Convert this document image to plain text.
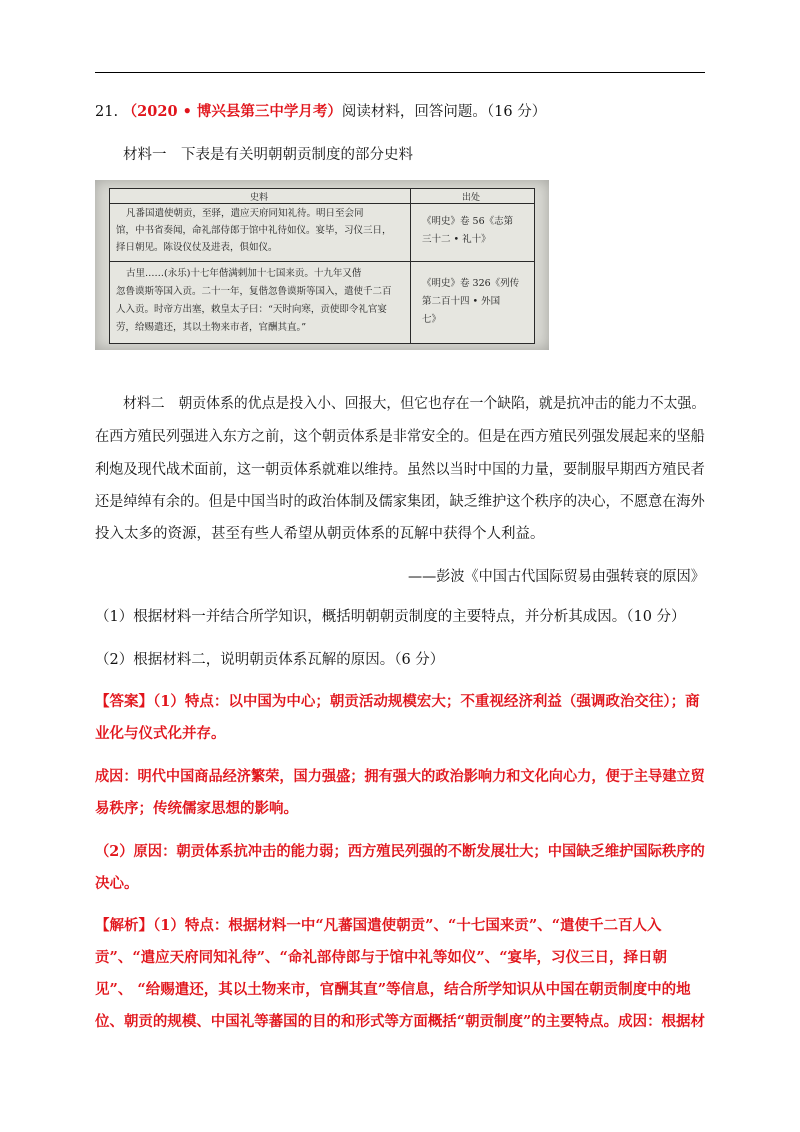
21. （2020 • 博兴县第三中学月考）阅读材料，回答问题。（16 分）
材料一　下表是有关明朝朝贡制度的部分史料
史料	出处
凡番国遣使朝贡，至驿，遣应天府同知礼待。明日至会同
馆，中书省奏闻，命礼部侍郎于馆中礼待如仪。宴毕，习仪三日，
择日朝见。陈设仪仗及进表，俱如仪。
《明史》卷 56《志第
三十二 • 礼十》
古里……(永乐)十七年偕满剌加十七国来贡。十九年又偕
忽鲁谟斯等国入贡。二十一年，复偕忽鲁谟斯等国入，遣使千二百
人入贡。时帝方出塞，敕皇太子曰：“天时向寒，贡使即令礼官宴
劳，给赐遣还，其以土物来市者，官酬其直。”
《明史》卷 326《列传
第二百十四 • 外国
七》
材料二　朝贡体系的优点是投入小、回报大，但它也存在一个缺陷，就是抗冲击的能力不太强。
在西方殖民列强进入东方之前，这个朝贡体系是非常安全的。但是在西方殖民列强发展起来的坚船
利炮及现代战术面前，这一朝贡体系就难以维持。虽然以当时中国的力量，要制服早期西方殖民者
还是绰绰有余的。但是中国当时的政治体制及儒家集团，缺乏维护这个秩序的决心，不愿意在海外
投入太多的资源，甚至有些人希望从朝贡体系的瓦解中获得个人利益。
——彭波《中国古代国际贸易由强转衰的原因》
（1）根据材料一并结合所学知识，概括明朝朝贡制度的主要特点，并分析其成因。（10 分）
（2）根据材料二，说明朝贡体系瓦解的原因。（6 分）
【答案】（1）特点：以中国为中心；朝贡活动规模宏大；不重视经济利益（强调政治交往）；商
业化与仪式化并存。
成因：明代中国商品经济繁荣，国力强盛；拥有强大的政治影响力和文化向心力，便于主导建立贸
易秩序；传统儒家思想的影响。
（2）原因：朝贡体系抗冲击的能力弱；西方殖民列强的不断发展壮大；中国缺乏维护国际秩序的
决心。
【解析】（1）特点：根据材料一中“凡蕃国遣使朝贡”、“十七国来贡”、“遣使千二百人入
贡”、“遣应天府同知礼待”、“命礼部侍郎与于馆中礼等如仪”、“宴毕，习仪三日，择日朝
见”、 “给赐遣还，其以土物来市，官酬其直”等信息，结合所学知识从中国在朝贡制度中的地
位、朝贡的规模、中国礼等蕃国的目的和形式等方面概括“朝贡制度”的主要特点。成因：根据材
